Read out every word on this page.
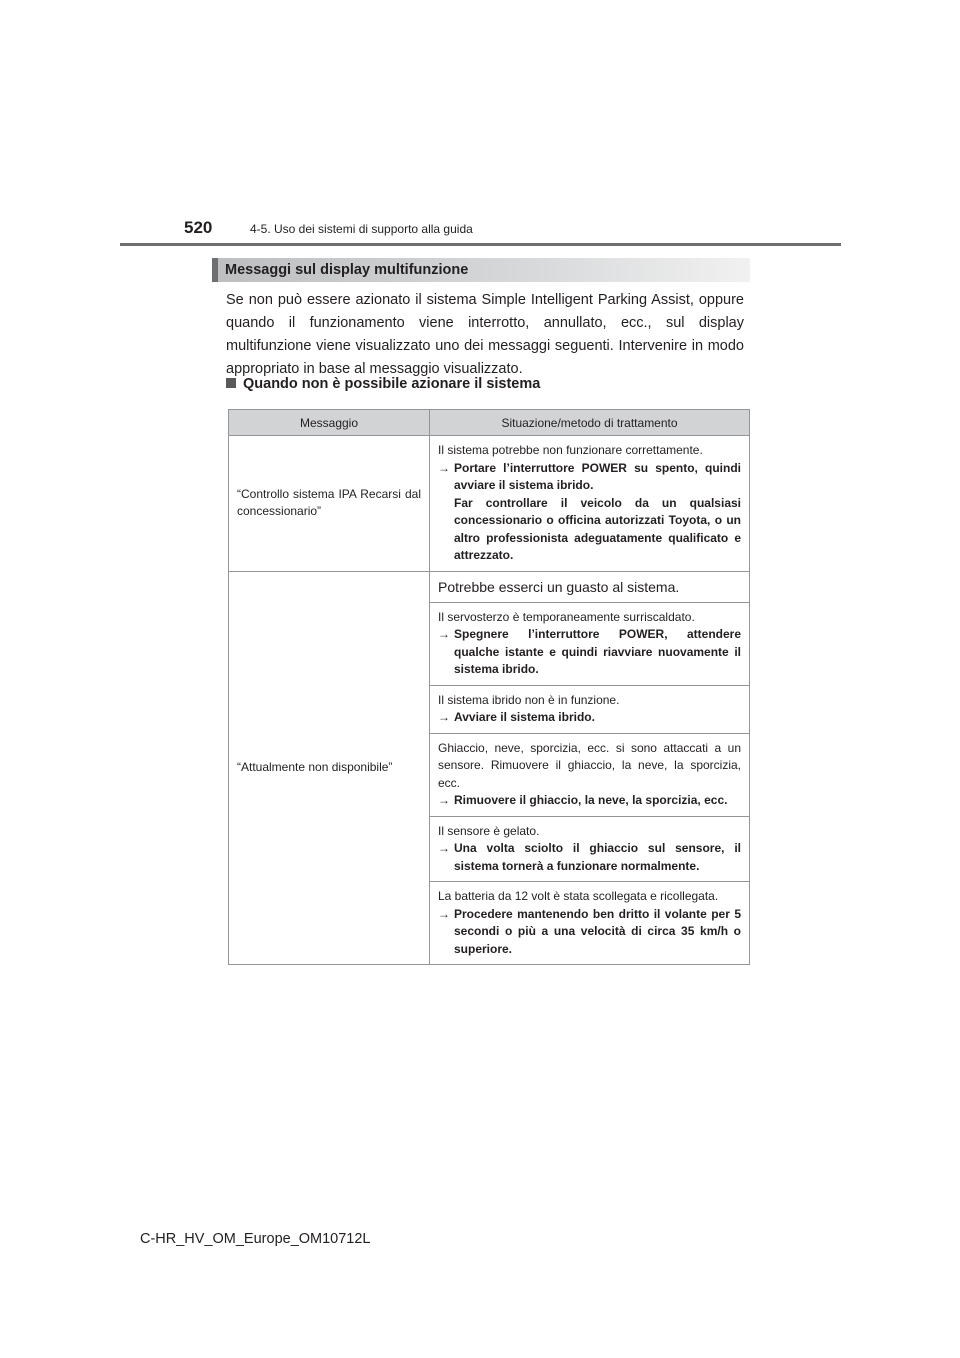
520	4-5. Uso dei sistemi di supporto alla guida
Messaggi sul display multifunzione
Se non può essere azionato il sistema Simple Intelligent Parking Assist, oppure quando il funzionamento viene interrotto, annullato, ecc., sul display multifunzione viene visualizzato uno dei messaggi seguenti. Intervenire in modo appropriato in base al messaggio visualizzato.
Quando non è possibile azionare il sistema
Messaggio	Situazione/metodo di trattamento

“Controllo sistema IPA Recarsi dal concessionario”	Il sistema potrebbe non funzionare correttamente.
→ Portare l’interruttore POWER su spento, quindi avviare il sistema ibrido.
Far controllare il veicolo da un qualsiasi concessionario o officina autorizzati Toyota, o un altro professionista adeguatamente qualificato e attrezzato.

“Attualmente non disponibile”	Potrebbe esserci un guasto al sistema.

	Il servosterzo è temporaneamente surriscaldato.
→ Spegnere l’interruttore POWER, attendere qualche istante e quindi riavviare nuovamente il sistema ibrido.

	Il sistema ibrido non è in funzione.
→ Avviare il sistema ibrido.

	Ghiaccio, neve, sporcizia, ecc. si sono attaccati a un sensore. Rimuovere il ghiaccio, la neve, la sporcizia, ecc.
→ Rimuovere il ghiaccio, la neve, la sporcizia, ecc.

	Il sensore è gelato.
→ Una volta sciolto il ghiaccio sul sensore, il sistema tornerà a funzionare normalmente.

	La batteria da 12 volt è stata scollegata e ricollegata.
→ Procedere mantenendo ben dritto il volante per 5 secondi o più a una velocità di circa 35 km/h o superiore.
C-HR_HV_OM_Europe_OM10712L
